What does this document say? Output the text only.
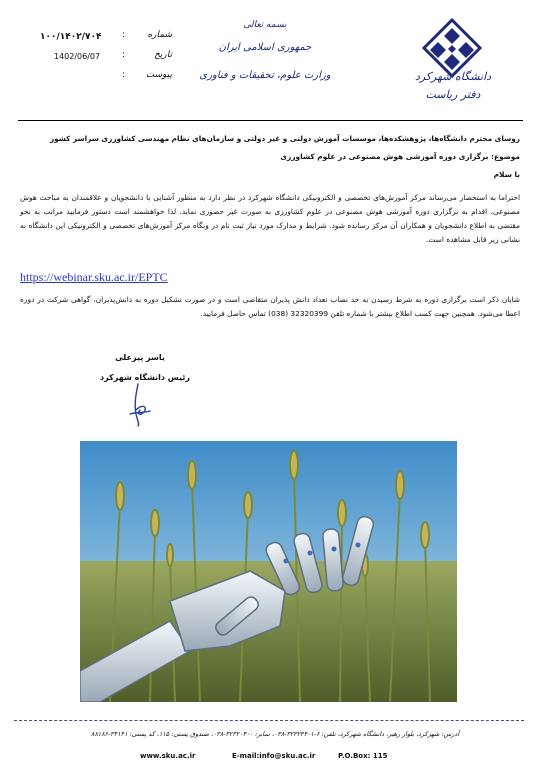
دانشگاه شهرکرد
دفتر ریاست
بسمه تعالی
جمهوری اسلامی ایران
وزارت علوم، تحقیقات و فناوری
شماره
:
۱۰۰/۱۴۰۲/۷۰۴
تاریخ
:
1402/06/07
پیوست
:
روسای محترم دانشگاه‌ها، پژوهشکده‌ها، موسسات آموزش دولتی و غیر دولتی و سازمان‌های نظام مهندسی کشاورزی سراسر کشور
موضوع: برگزاری دوره آموزشی هوش مصنوعی در علوم کشاورزی
با سلام
احتراما به استحضار می‌رساند مرکز آموزش‌های تخصصی و الکترونیکی دانشگاه شهرکرد در نظر دارد به منظور آشنایی با دانشجویان و علاقمندان به مباحث هوش مصنوعی، اقدام به برگزاری دوره آموزشی هوش مصنوعی در علوم کشاورزی به صورت غیر حضوری نماید. لذا خواهشمند است دستور فرمایید مراتب به نحو مقتضی به اطلاع دانشجویان و همکاران آن مرکز رسانده شود. شرایط و مدارک مورد نیاز ثبت نام در وبگاه مرکز آموزش‌های تخصصی و الکترونیکی این دانشگاه به نشانی زیر قابل مشاهده است.
https://webinar.sku.ac.ir/EPTC
شایان ذکر است برگزاری دوره به شرط رسیدن به حد نصاب تعداد دانش پذیران متقاضی است و در صورت تشکیل دوره به دانش‌پذیران، گواهی شرکت در دوره اعطا می‌شود. همچنین جهت کسب اطلاع بیشتر با شماره تلفن 32320399 (038) تماس حاصل فرمایید.
یاسر پیرعلی
رئیس دانشگاه شهرکرد
آدرس: شهرکرد، بلوار رهبر، دانشگاه شهرکرد، تلفن: ۶-۳۲۳۲۴۴۰۱-۰۳۸، نمابر: ۳۲۳۲۰۳۰۰-۰۳۸، صندوق پستی: ۱۱۵، کد پستی: ۳۴۱۴۱-۸۸۱۸۶
www.sku.ac.ir	E-mail:info@sku.ac.ir	P.O.Box: 115
